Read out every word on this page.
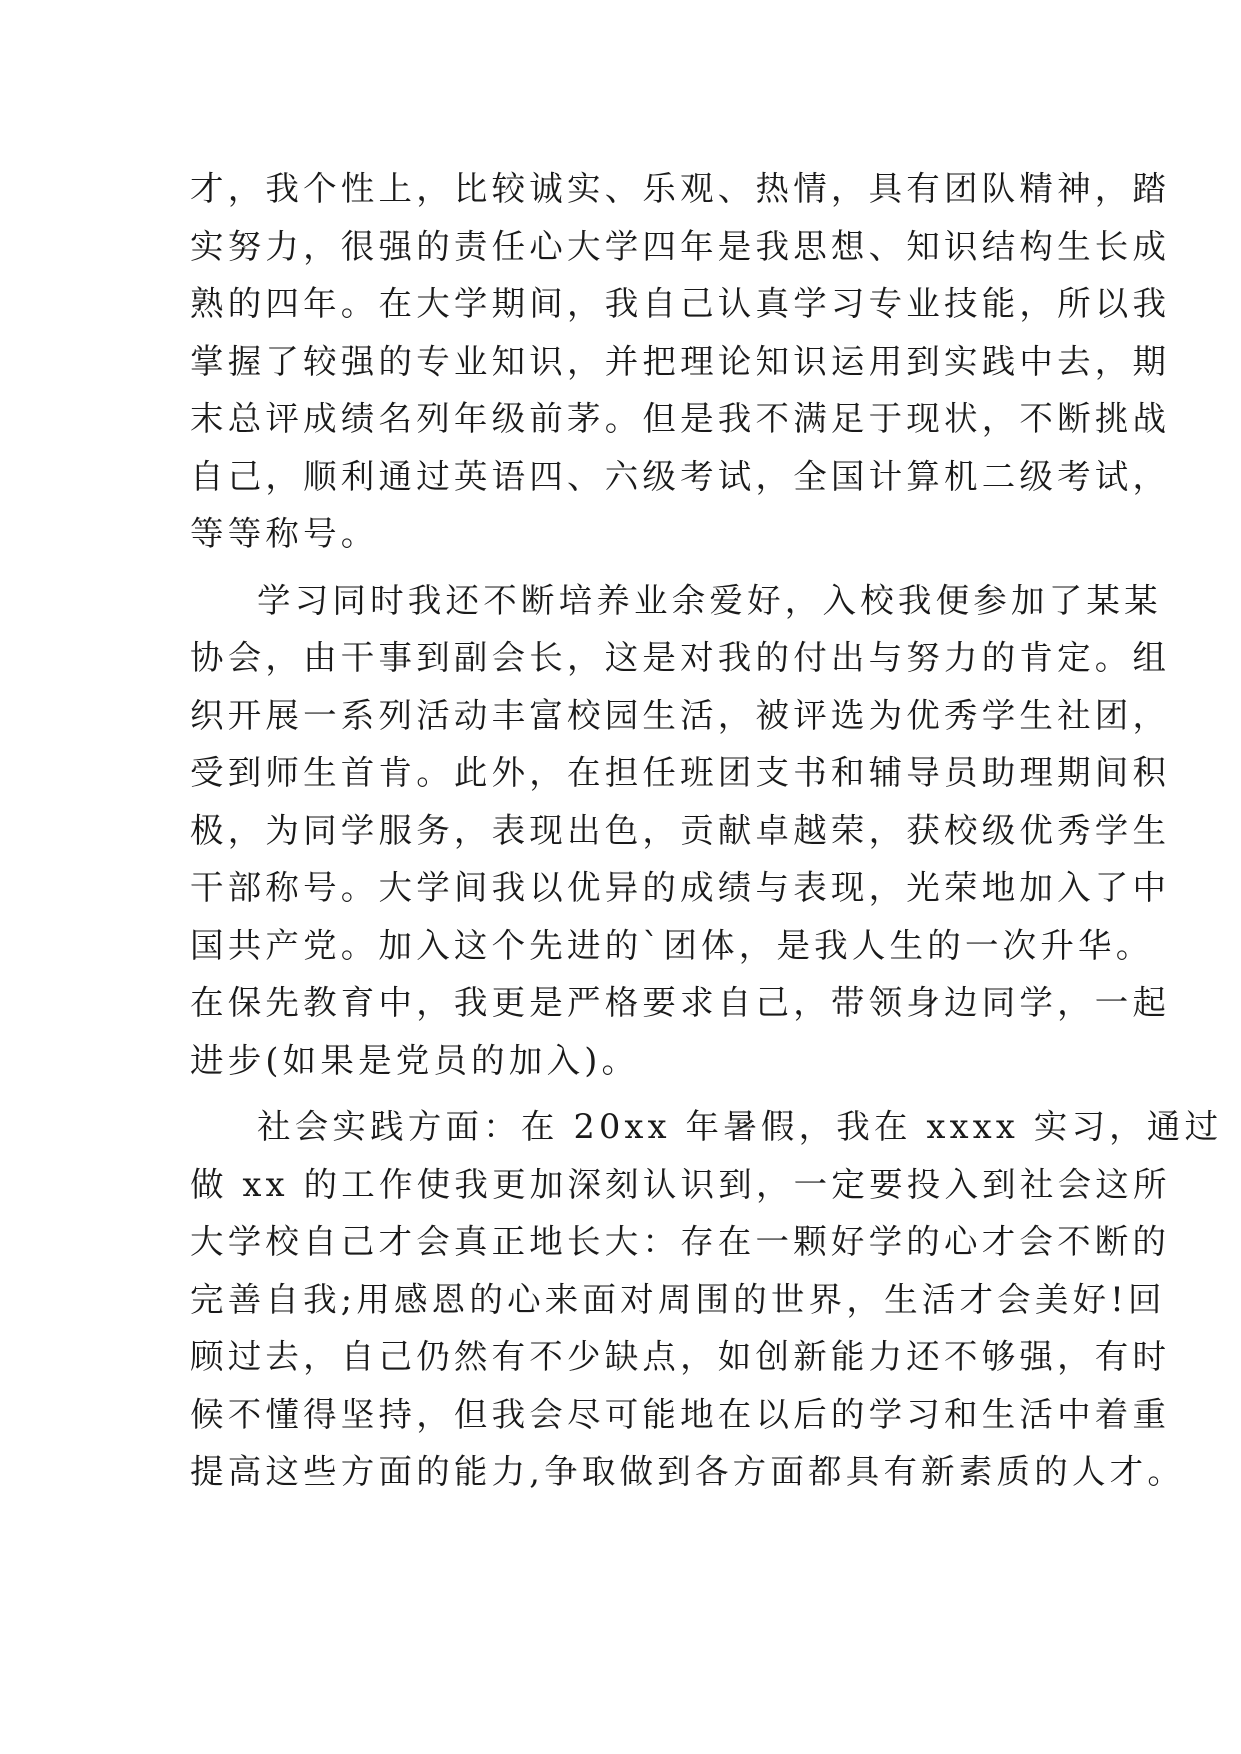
才，我个性上，比较诚实、乐观、热情，具有团队精神，踏
实努力，很强的责任心大学四年是我思想、知识结构生长成
熟的四年。在大学期间，我自己认真学习专业技能，所以我
掌握了较强的专业知识，并把理论知识运用到实践中去，期
末总评成绩名列年级前茅。但是我不满足于现状，不断挑战
自己，顺利通过英语四、六级考试，全国计算机二级考试，
等等称号。

学习同时我还不断培养业余爱好，入校我便参加了某某
协会，由干事到副会长，这是对我的付出与努力的肯定。组
织开展一系列活动丰富校园生活，被评选为优秀学生社团，
受到师生首肯。此外，在担任班团支书和辅导员助理期间积
极，为同学服务，表现出色，贡献卓越荣，获校级优秀学生
干部称号。大学间我以优异的成绩与表现，光荣地加入了中
国共产党。加入这个先进的`团体，是我人生的一次升华。
在保先教育中，我更是严格要求自己，带领身边同学，一起
进步(如果是党员的加入)。

社会实践方面：在 20xx 年暑假，我在 xxxx 实习，通过
做 xx 的工作使我更加深刻认识到，一定要投入到社会这所
大学校自己才会真正地长大：存在一颗好学的心才会不断的
完善自我;用感恩的心来面对周围的世界，生活才会美好!回
顾过去，自己仍然有不少缺点，如创新能力还不够强，有时
候不懂得坚持，但我会尽可能地在以后的学习和生活中着重
提高这些方面的能力,争取做到各方面都具有新素质的人才。
